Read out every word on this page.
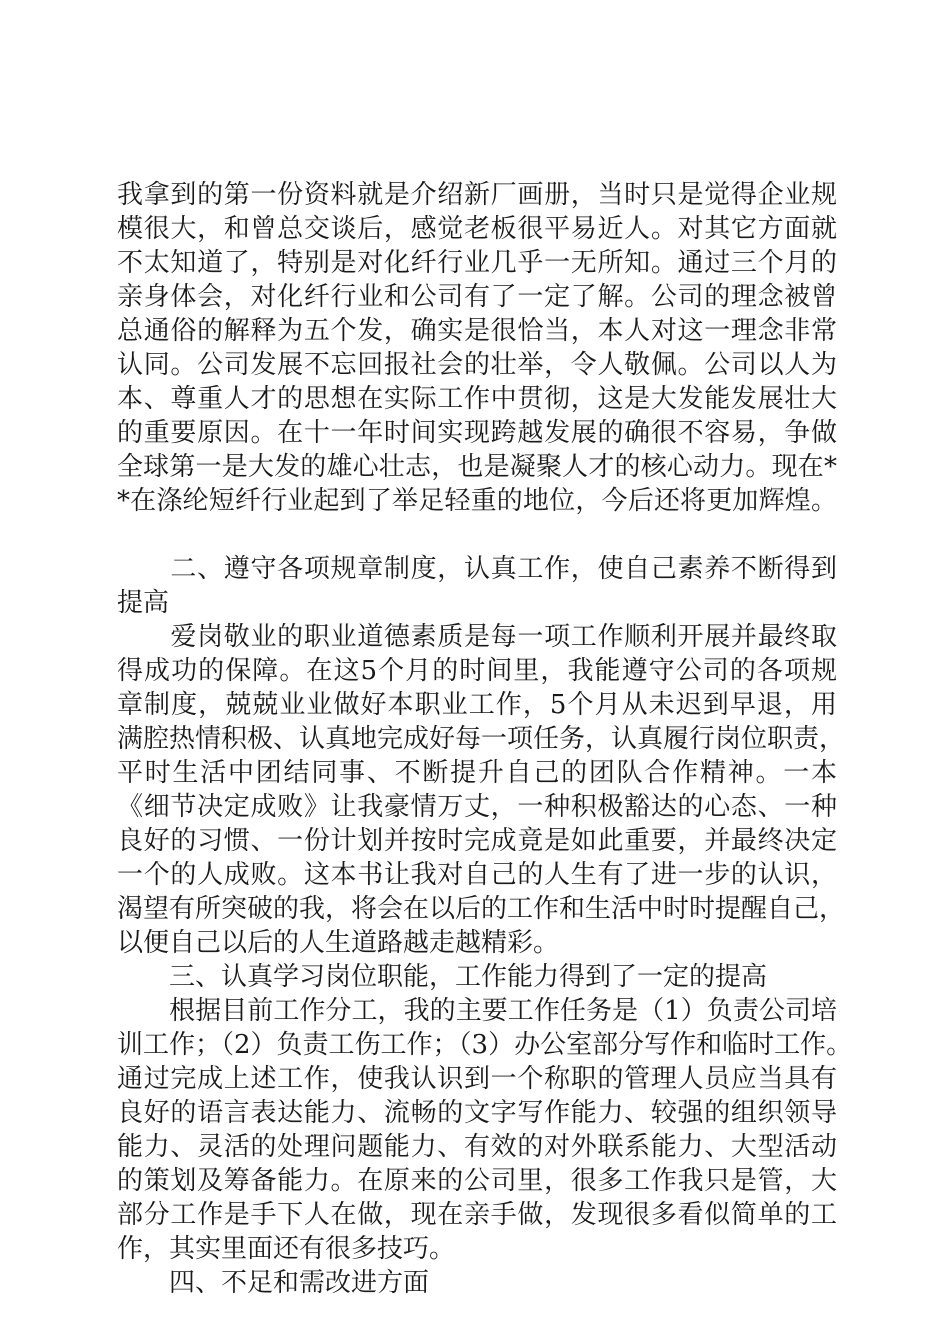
我拿到的第一份资料就是介绍新厂画册，当时只是觉得企业规
模很大，和曾总交谈后，感觉老板很平易近人。对其它方面就
不太知道了，特别是对化纤行业几乎一无所知。通过三个月的
亲身体会，对化纤行业和公司有了一定了解。公司的理念被曾
总通俗的解释为五个发，确实是很恰当，本人对这一理念非常
认同。公司发展不忘回报社会的壮举，令人敬佩。公司以人为
本、尊重人才的思想在实际工作中贯彻，这是大发能发展壮大
的重要原因。在十一年时间实现跨越发展的确很不容易，争做
全球第一是大发的雄心壮志，也是凝聚人才的核心动力。现在*
*在涤纶短纤行业起到了举足轻重的地位，今后还将更加辉煌。
　　二、遵守各项规章制度，认真工作，使自己素养不断得到
提高
　　爱岗敬业的职业道德素质是每一项工作顺利开展并最终取
得成功的保障。在这5个月的时间里，我能遵守公司的各项规
章制度，兢兢业业做好本职业工作，5个月从未迟到早退，用
满腔热情积极、认真地完成好每一项任务，认真履行岗位职责，
平时生活中团结同事、不断提升自己的团队合作精神。一本
《细节决定成败》让我豪情万丈，一种积极豁达的心态、一种
良好的习惯、一份计划并按时完成竟是如此重要，并最终决定
一个的人成败。这本书让我对自己的人生有了进一步的认识，
渴望有所突破的我，将会在以后的工作和生活中时时提醒自己，
以便自己以后的人生道路越走越精彩。
　　三、认真学习岗位职能，工作能力得到了一定的提高
　　根据目前工作分工，我的主要工作任务是（1）负责公司培
训工作；（2）负责工伤工作；（3）办公室部分写作和临时工作。
通过完成上述工作，使我认识到一个称职的管理人员应当具有
良好的语言表达能力、流畅的文字写作能力、较强的组织领导
能力、灵活的处理问题能力、有效的对外联系能力、大型活动
的策划及筹备能力。在原来的公司里，很多工作我只是管，大
部分工作是手下人在做，现在亲手做，发现很多看似简单的工
作，其实里面还有很多技巧。
　　四、不足和需改进方面
